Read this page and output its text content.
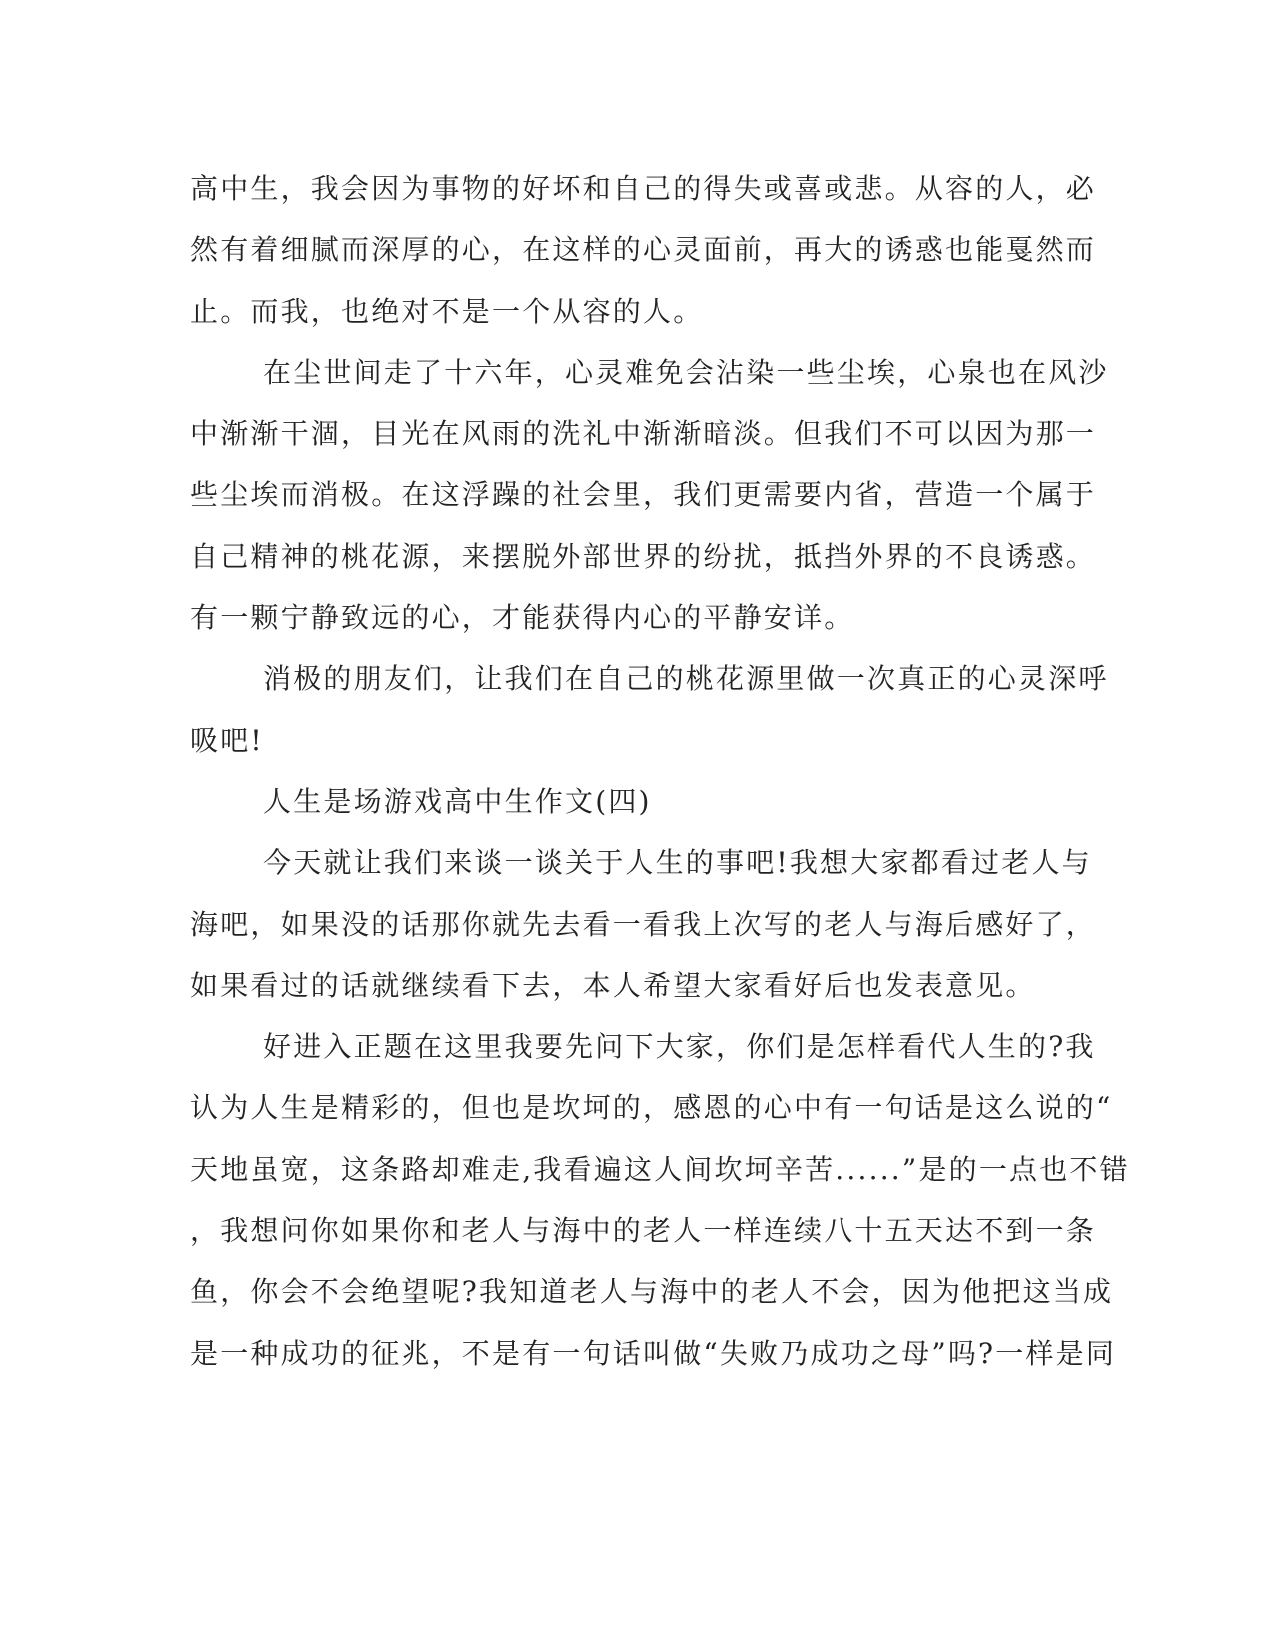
高中生，我会因为事物的好坏和自己的得失或喜或悲。从容的人，必
然有着细腻而深厚的心，在这样的心灵面前，再大的诱惑也能戛然而
止。而我，也绝对不是一个从容的人。
在尘世间走了十六年，心灵难免会沾染一些尘埃，心泉也在风沙
中渐渐干涸，目光在风雨的洗礼中渐渐暗淡。但我们不可以因为那一
些尘埃而消极。在这浮躁的社会里，我们更需要内省，营造一个属于
自己精神的桃花源，来摆脱外部世界的纷扰，抵挡外界的不良诱惑。
有一颗宁静致远的心，才能获得内心的平静安详。
消极的朋友们，让我们在自己的桃花源里做一次真正的心灵深呼
吸吧!
人生是场游戏高中生作文(四)
今天就让我们来谈一谈关于人生的事吧!我想大家都看过老人与
海吧，如果没的话那你就先去看一看我上次写的老人与海后感好了，
如果看过的话就继续看下去，本人希望大家看好后也发表意见。
好进入正题在这里我要先问下大家，你们是怎样看代人生的?我
认为人生是精彩的，但也是坎坷的，感恩的心中有一句话是这么说的“
天地虽宽，这条路却难走,我看遍这人间坎坷辛苦......”是的一点也不错
，我想问你如果你和老人与海中的老人一样连续八十五天达不到一条
鱼，你会不会绝望呢?我知道老人与海中的老人不会，因为他把这当成
是一种成功的征兆，不是有一句话叫做“失败乃成功之母”吗?一样是同
